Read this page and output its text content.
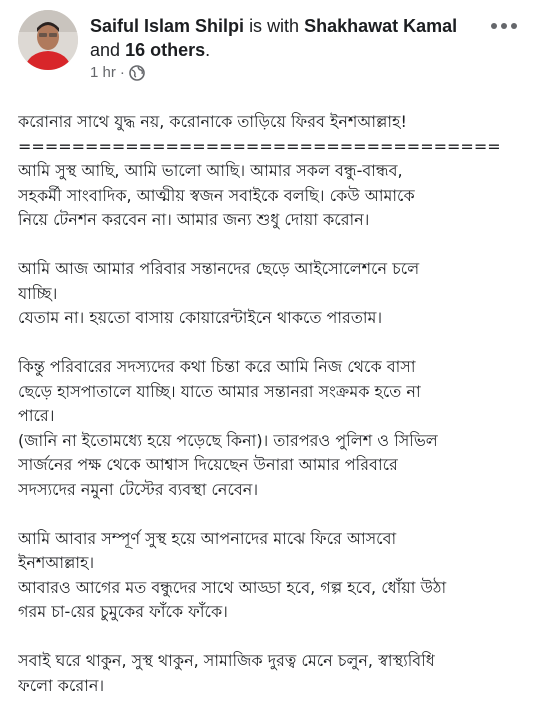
Saiful Islam Shilpi is with Shakhawat Kamal and 16 others.
1 hr ·
করোনার সাথে যুদ্ধ নয়, করোনাকে তাড়িয়ে ফিরব ইনশআল্লাহ!
====================================
আমি সুস্থ আছি, আমি ভালো আছি। আমার সকল বন্ধু-বান্ধব,
সহকর্মী সাংবাদিক, আত্মীয় স্বজন সবাইকে বলছি। কেউ আমাকে
নিয়ে টেনশন করবেন না। আমার জন্য শুধু দোয়া করোন।
আমি আজ আমার পরিবার সন্তানদের ছেড়ে আইসোলেশনে চলে
যাচ্ছি।
যেতাম না। হয়তো বাসায় কোয়ারেন্টাইনে থাকতে পারতাম।
কিন্তু পরিবারের সদস্যদের কথা চিন্তা করে আমি নিজ থেকে বাসা
ছেড়ে হাসপাতালে যাচ্ছি। যাতে আমার সন্তানরা সংক্রমক হতে না
পারে।
(জানি না ইতোমধ্যে হয়ে পড়েছে কিনা)। তারপরও পুলিশ ও সিভিল
সার্জনের পক্ষ থেকে আশ্বাস দিয়েছেন উনারা আমার পরিবারে
সদস্যদের নমুনা টেস্টের ব্যবস্থা নেবেন।
আমি আবার সম্পূর্ণ সুস্থ হয়ে আপনাদের মাঝে ফিরে আসবো
ইনশআল্লাহ।
আবারও আগের মত বন্ধুদের সাথে আড্ডা হবে, গল্প হবে, ধোঁয়া উঠা
গরম চা-য়ের চুমুকের ফাঁকে ফাঁকে।
সবাই ঘরে থাকুন, সুস্থ থাকুন, সামাজিক দুরত্ব মেনে চলুন, স্বাস্থ্যবিধি
ফলো করোন।
